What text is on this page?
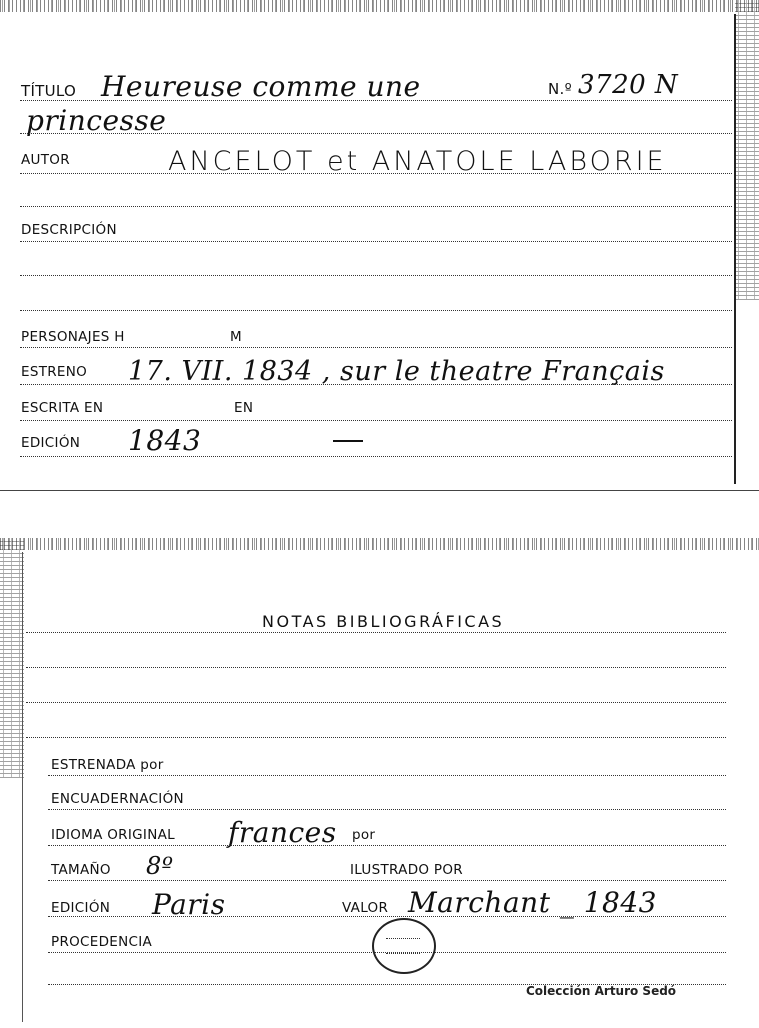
TÍTULO Heureuse comme une	N.º 3720 N
princesse
AUTOR	ANCELOT et ANATOLE LABORIE
DESCRIPCIÓN
PERSONAJES H	M
ESTRENO 17. VII. 1834 , sur le theatre Français
ESCRITA EN	EN
EDICIÓN 1843
NOTAS BIBLIOGRÁFICAS
ESTRENADA por
ENCUADERNACIÓN
IDIOMA ORIGINAL frances por
TAMAÑO 8º	ILUSTRADO POR
EDICIÓN Paris	VALOR Marchant _ 1843
PROCEDENCIA
Colección Arturo Sedó
